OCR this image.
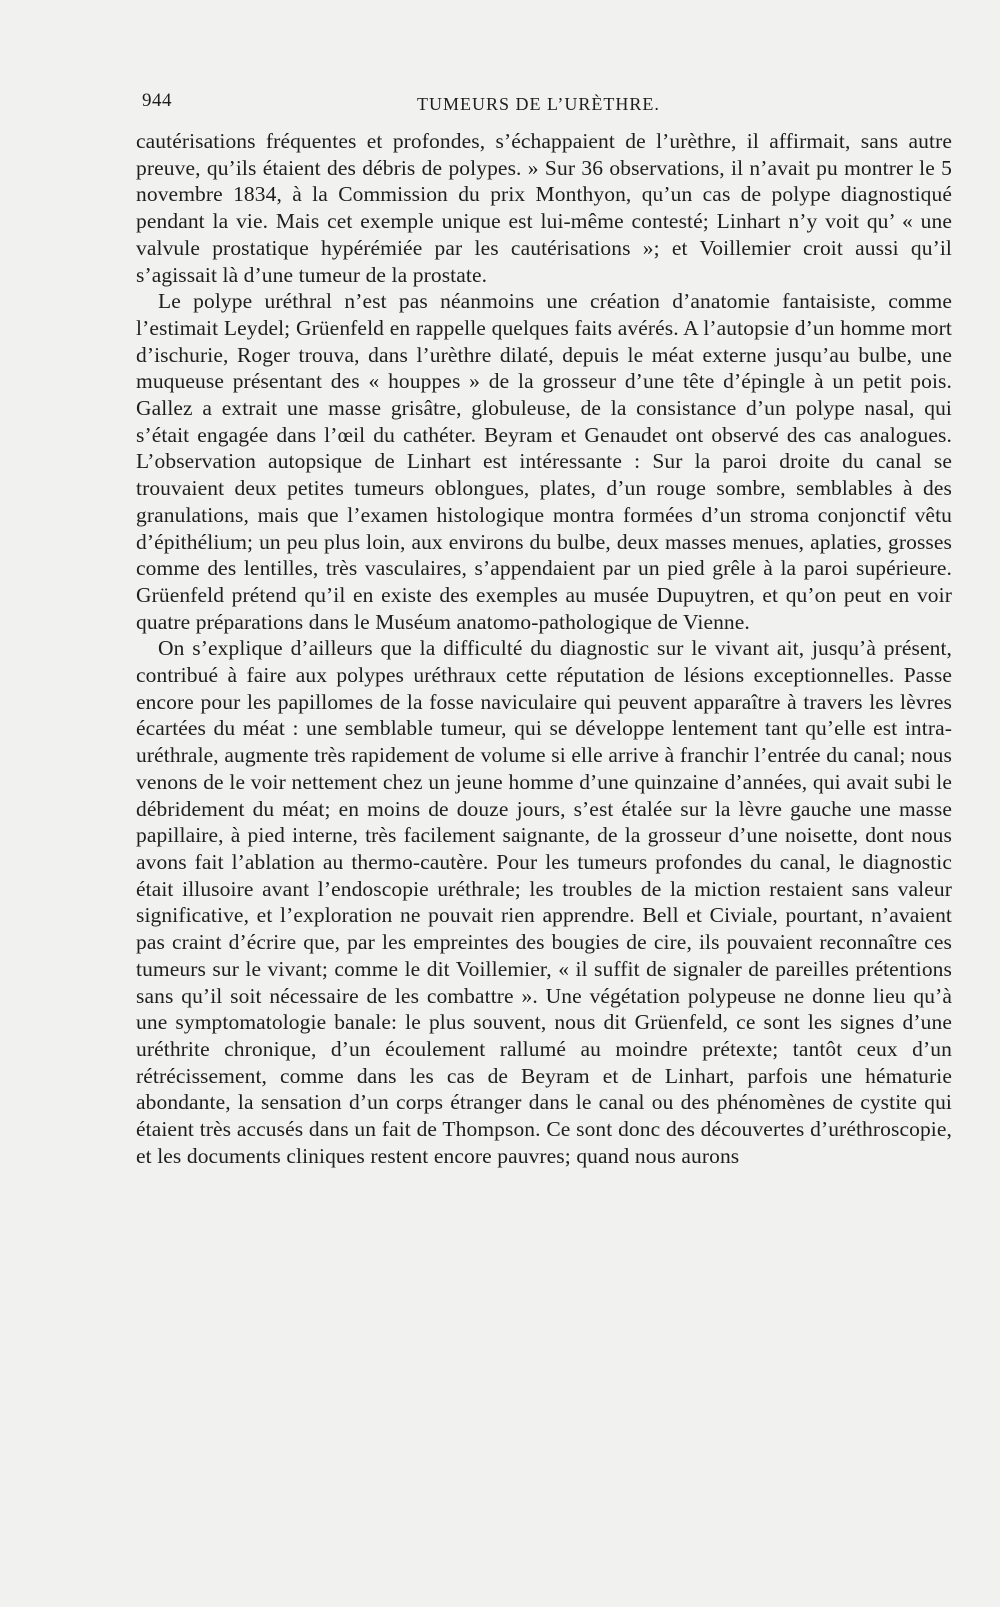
944	TUMEURS DE L’URÈTHRE.

cautérisations fréquentes et profondes, s’échappaient de l’urèthre, il affirmait, sans autre preuve, qu’ils étaient des débris de polypes. » Sur 36 observations, il n’avait pu montrer le 5 novembre 1834, à la Commission du prix Monthyon, qu’un cas de polype diagnostiqué pendant la vie. Mais cet exemple unique est lui-même contesté; Linhart n’y voit qu’ « une valvule prostatique hypérémiée par les cautérisations »; et Voillemier croit aussi qu’il s’agissait là d’une tumeur de la prostate.

Le polype uréthral n’est pas néanmoins une création d’anatomie fantaisiste, comme l’estimait Leydel; Grüenfeld en rappelle quelques faits avérés. A l’autopsie d’un homme mort d’ischurie, Roger trouva, dans l’urèthre dilaté, depuis le méat externe jusqu’au bulbe, une muqueuse présentant des « houppes » de la grosseur d’une tête d’épingle à un petit pois. Gallez a extrait une masse grisâtre, globuleuse, de la consistance d’un polype nasal, qui s’était engagée dans l’œil du cathéter. Beyram et Genaudet ont observé des cas analogues. L’observation autopsique de Linhart est intéressante : Sur la paroi droite du canal se trouvaient deux petites tumeurs oblongues, plates, d’un rouge sombre, semblables à des granulations, mais que l’examen histologique montra formées d’un stroma conjonctif vêtu d’épithélium; un peu plus loin, aux environs du bulbe, deux masses menues, aplaties, grosses comme des lentilles, très vasculaires, s’appendaient par un pied grêle à la paroi supérieure. Grüenfeld prétend qu’il en existe des exemples au musée Dupuytren, et qu’on peut en voir quatre préparations dans le Muséum anatomo-pathologique de Vienne.

On s’explique d’ailleurs que la difficulté du diagnostic sur le vivant ait, jusqu’à présent, contribué à faire aux polypes uréthraux cette réputation de lésions exceptionnelles. Passe encore pour les papillomes de la fosse naviculaire qui peuvent apparaître à travers les lèvres écartées du méat : une semblable tumeur, qui se développe lentement tant qu’elle est intra-uréthrale, augmente très rapidement de volume si elle arrive à franchir l’entrée du canal; nous venons de le voir nettement chez un jeune homme d’une quinzaine d’années, qui avait subi le débridement du méat; en moins de douze jours, s’est étalée sur la lèvre gauche une masse papillaire, à pied interne, très facilement saignante, de la grosseur d’une noisette, dont nous avons fait l’ablation au thermo-cautère. Pour les tumeurs profondes du canal, le diagnostic était illusoire avant l’endoscopie uréthrale; les troubles de la miction restaient sans valeur significative, et l’exploration ne pouvait rien apprendre. Bell et Civiale, pourtant, n’avaient pas craint d’écrire que, par les empreintes des bougies de cire, ils pouvaient reconnaître ces tumeurs sur le vivant; comme le dit Voillemier, « il suffit de signaler de pareilles prétentions sans qu’il soit nécessaire de les combattre ». Une végétation polypeuse ne donne lieu qu’à une symptomatologie banale: le plus souvent, nous dit Grüenfeld, ce sont les signes d’une uréthrite chronique, d’un écoulement rallumé au moindre prétexte; tantôt ceux d’un rétrécissement, comme dans les cas de Beyram et de Linhart, parfois une hématurie abondante, la sensation d’un corps étranger dans le canal ou des phénomènes de cystite qui étaient très accusés dans un fait de Thompson. Ce sont donc des découvertes d’uréthroscopie, et les documents cliniques restent encore pauvres; quand nous aurons
